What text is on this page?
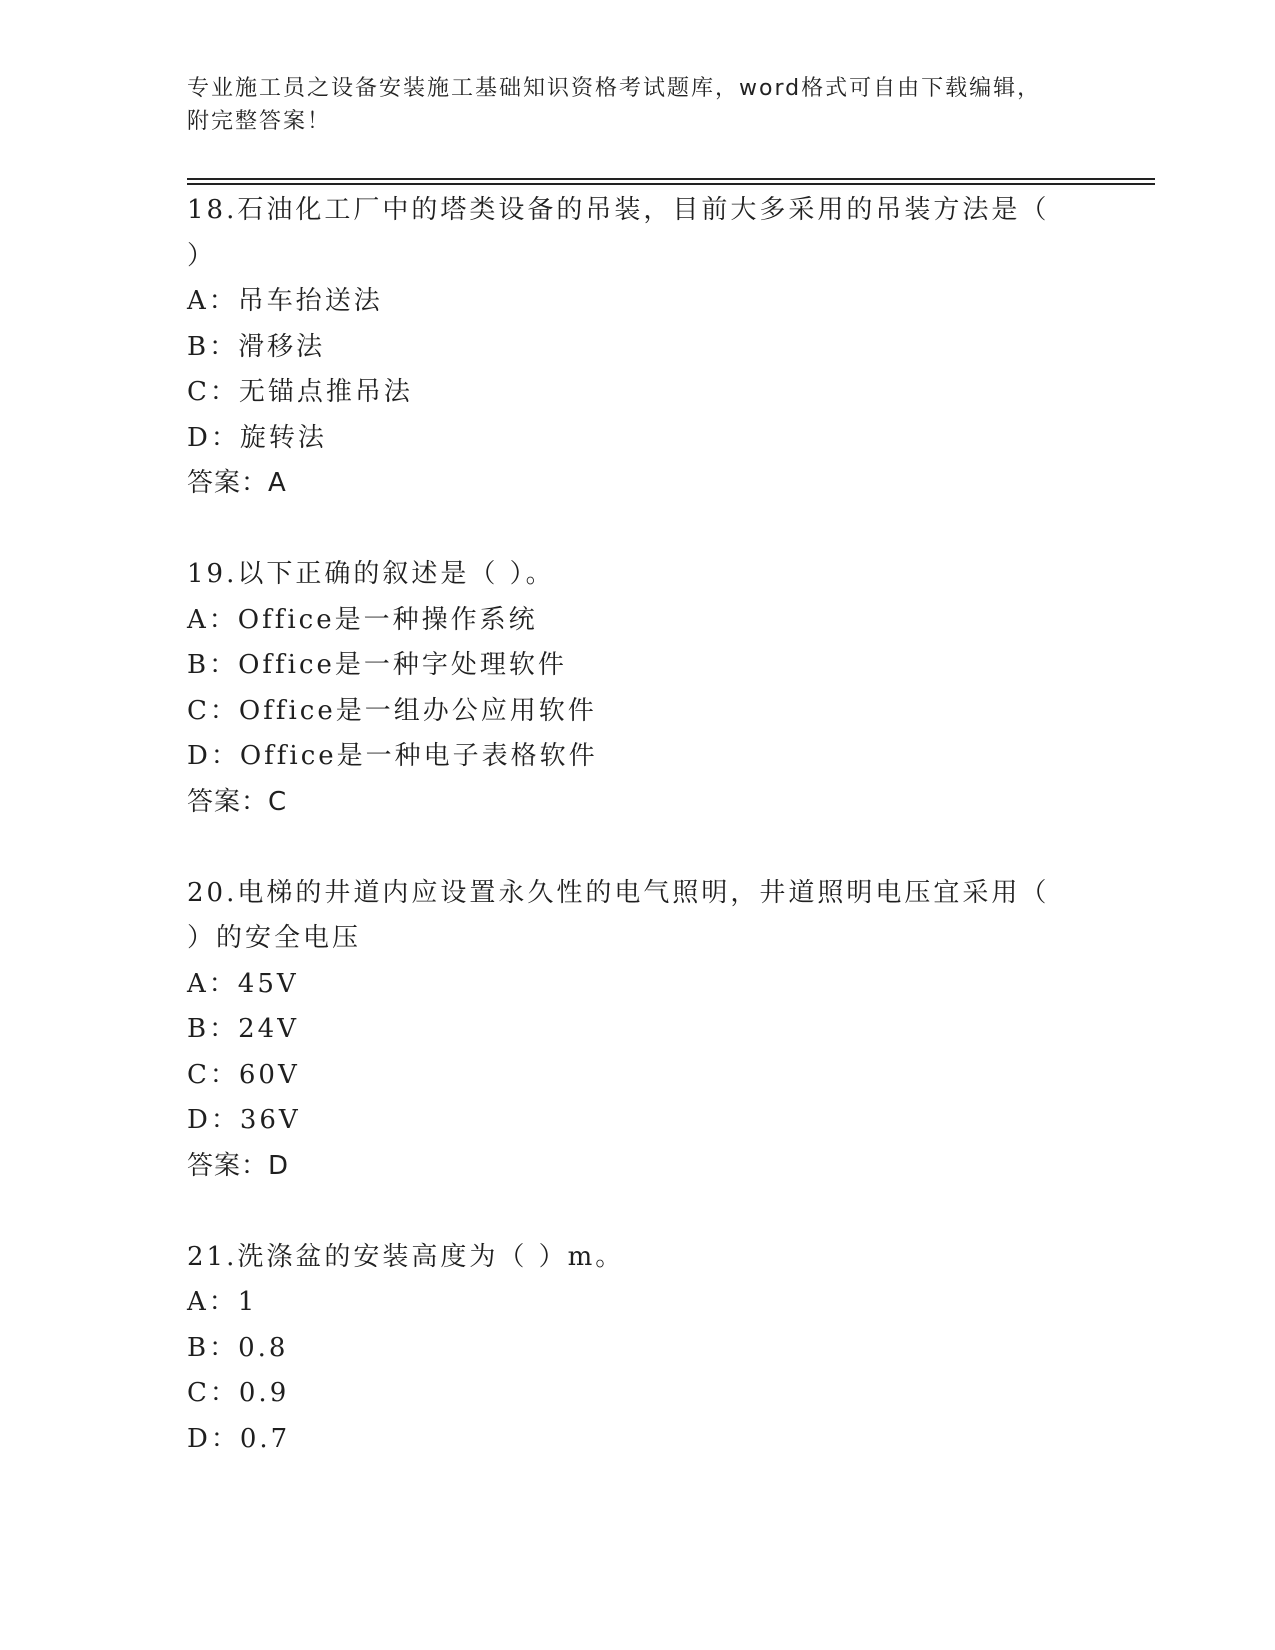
专业施工员之设备安装施工基础知识资格考试题库，word格式可自由下载编辑，
附完整答案！
18.石油化工厂中的塔类设备的吊装，目前大多采用的吊装方法是（
）
A：吊车抬送法
B：滑移法
C：无锚点推吊法
D：旋转法
答案：A
19.以下正确的叙述是（ ）。
A：Office是一种操作系统
B：Office是一种字处理软件
C：Office是一组办公应用软件
D：Office是一种电子表格软件
答案：C
20.电梯的井道内应设置永久性的电气照明，井道照明电压宜采用（
）的安全电压
A：45V
B：24V
C：60V
D：36V
答案：D
21.洗涤盆的安装高度为（ ）m。
A：1
B：0.8
C：0.9
D：0.7
